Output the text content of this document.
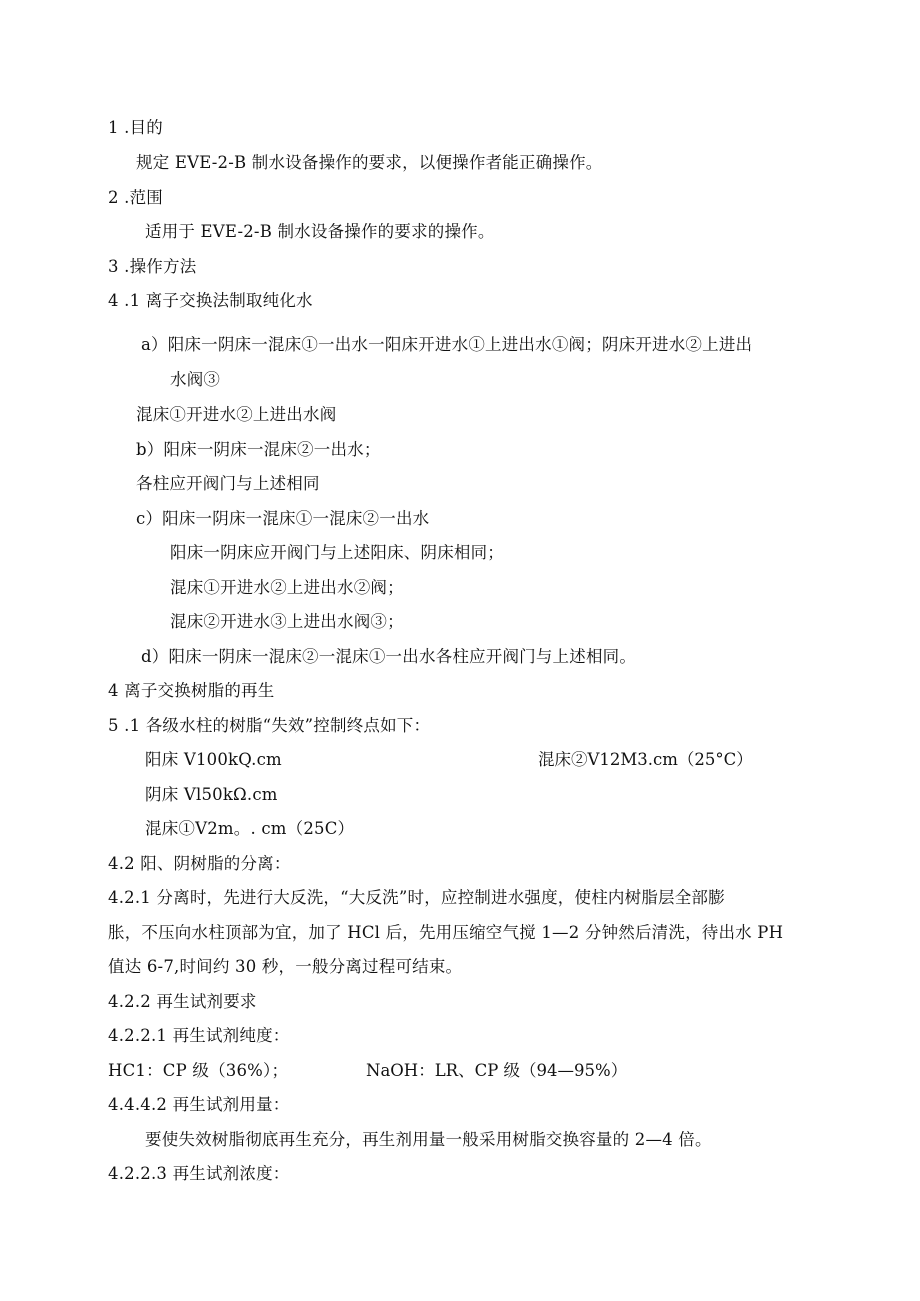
1 .目的
规定 EVE-2-B 制水设备操作的要求，以便操作者能正确操作。
2 .范围
适用于 EVE-2-B 制水设备操作的要求的操作。
3 .操作方法
4 .1 离子交换法制取纯化水
a）阳床一阴床一混床①一出水一阳床开进水①上进出水①阀；阴床开进水②上进出
水阀③
混床①开进水②上进出水阀
b）阳床一阴床一混床②一出水；
各柱应开阀门与上述相同
c）阳床一阴床一混床①一混床②一出水
阳床一阴床应开阀门与上述阳床、阴床相同；
混床①开进水②上进出水②阀；
混床②开进水③上进出水阀③；
d）阳床一阴床一混床②一混床①一出水各柱应开阀门与上述相同。
4 离子交换树脂的再生
5 .1 各级水柱的树脂“失效”控制终点如下：
阳床 V100kQ.cm	混床②V12M3.cm（25°C）
阴床 Vl50kΩ.cm
混床①V2m。. cm（25C）
4.2 阳、阴树脂的分离：
4.2.1 分离时，先进行大反洗，“大反洗”时，应控制进水强度，使柱内树脂层全部膨
胀，不压向水柱顶部为宜，加了 HCl 后，先用压缩空气搅 1—2 分钟然后清洗，待出水 PH
值达 6-7,时间约 30 秒，一般分离过程可结束。
4.2.2 再生试剂要求
4.2.2.1 再生试剂纯度：
HC1：CP 级（36%）；	NaOH：LR、CP 级（94—95%）
4.4.4.2 再生试剂用量：
要使失效树脂彻底再生充分，再生剂用量一般采用树脂交换容量的 2—4 倍。
4.2.2.3 再生试剂浓度：
